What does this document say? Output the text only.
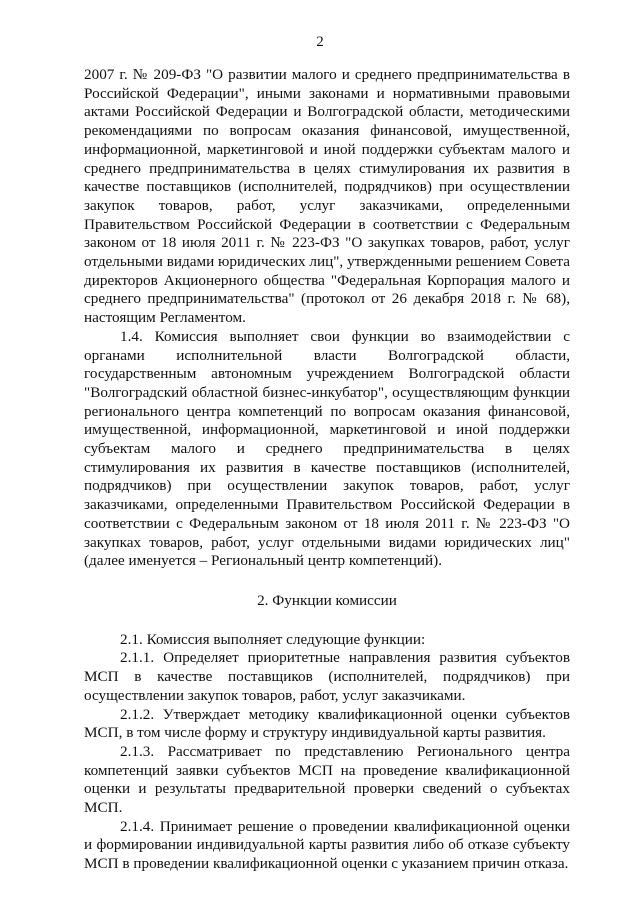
2

2007 г. № 209-ФЗ "О развитии малого и среднего предпринимательства в Российской Федерации", иными законами и нормативными правовыми актами Российской Федерации и Волгоградской области, методическими рекомендациями по вопросам оказания финансовой, имущественной, информационной, маркетинговой и иной поддержки субъектам малого и среднего предпринимательства в целях стимулирования их развития в качестве поставщиков (исполнителей, подрядчиков) при осуществлении закупок товаров, работ, услуг заказчиками, определенными Правительством Российской Федерации в соответствии с Федеральным законом от 18 июля 2011 г. № 223-ФЗ "О закупках товаров, работ, услуг отдельными видами юридических лиц", утвержденными решением Совета директоров Акционерного общества "Федеральная Корпорация малого и среднего предпринимательства" (протокол от 26 декабря 2018 г. № 68), настоящим Регламентом.

1.4. Комиссия выполняет свои функции во взаимодействии с органами исполнительной власти Волгоградской области, государственным автономным учреждением Волгоградской области "Волгоградский областной бизнес-инкубатор", осуществляющим функции регионального центра компетенций по вопросам оказания финансовой, имущественной, информационной, маркетинговой и иной поддержки субъектам малого и среднего предпринимательства в целях стимулирования их развития в качестве поставщиков (исполнителей, подрядчиков) при осуществлении закупок товаров, работ, услуг заказчиками, определенными Правительством Российской Федерации в соответствии с Федеральным законом от 18 июля 2011 г. № 223-ФЗ "О закупках товаров, работ, услуг отдельными видами юридических лиц" (далее именуется – Региональный центр компетенций).

2. Функции комиссии

2.1. Комиссия выполняет следующие функции:

2.1.1. Определяет приоритетные направления развития субъектов МСП в качестве поставщиков (исполнителей, подрядчиков) при осуществлении закупок товаров, работ, услуг заказчиками.

2.1.2. Утверждает методику квалификационной оценки субъектов МСП, в том числе форму и структуру индивидуальной карты развития.

2.1.3. Рассматривает по представлению Регионального центра компетенций заявки субъектов МСП на проведение квалификационной оценки и результаты предварительной проверки сведений о субъектах МСП.

2.1.4. Принимает решение о проведении квалификационной оценки и формировании индивидуальной карты развития либо об отказе субъекту МСП в проведении квалификационной оценки с указанием причин отказа.
